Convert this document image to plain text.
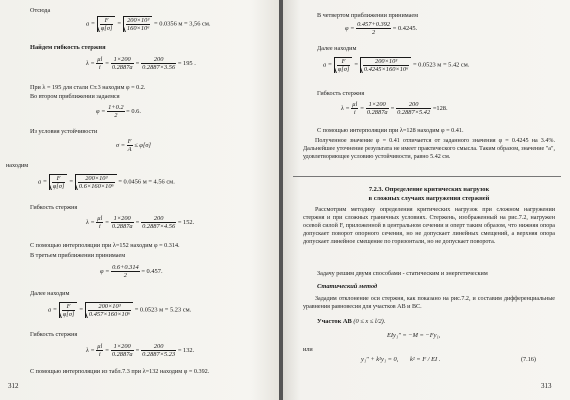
Отсюда
$a = \frac{F}{\varphi[\sigma]} = \frac{\text{200×10³}}{\text{160×10⁶}} = 0.0356$ м = 3,56 см.
Найдем гибкость стержня
$\lambda = \frac{\mu l}{i} = \frac{1\times 200}{0.2887a} = \frac{200}{0.2887\times 3.56} = 195$ .
При λ = 195 для стали Ст.3 находим φ = 0.2.
Во втором приближении задаемся
$\varphi = \frac{1+0.2}{2} = 0.6$.
Из условия устойчивости
$\sigma = \frac{F}{A} \le \varphi[\sigma]$
находим
$a = \frac{F}{\varphi[\sigma]} = \frac{\text{200×10³}}{\text{0.6×160×10⁶}} = 0.0456$ м = 4.56 см.
Гибкость стержня
$\lambda = \frac{\mu l}{i} = \frac{1\times 200}{0.2887a} = \frac{200}{0.2887\times 4.56} = 152$.
С помощью интерполяции при λ=152 находим φ = 0.314.
В третьем приближении принимаем
$\varphi = \frac{0.6+0.314}{2} = 0.457$.
Далее находим
$a = \frac{F}{\varphi[\sigma]} = \frac{\text{200×10³}}{\text{0.457×160×10⁶}} = 0.0523$ м = 5.23 см.
Гибкость стержня
$\lambda = \frac{\mu l}{i} = \frac{1\times 200}{0.2887a} = \frac{200}{0.2887\times 5.23} = 132$.
С помощью интерполяции из табл.7.3 при λ=132 находим φ = 0.392.
312
В четвертом приближении принимаем
$\varphi = \frac{0.457+0.392}{2} = 0.4245$.
Далее находим
$a = \frac{F}{\varphi[\sigma]} = \frac{\text{200×10³}}{\text{0.4245×160×10⁶}} = 0.0523$ м = 5.42 см.
Гибкость стержня
$\lambda = \frac{\mu l}{i} = \frac{1\times 200}{0.2887a} = \frac{200}{0.2887\times 5.42} =128$.
С помощью интерполяции при λ=128 находим φ = 0.41.
Полученное значение φ = 0.41 отличается от заданного значения φ = 0.4245 на 3.4%. Дальнейшее уточнение результата не имеет практического смысла. Таким образом, значение "a", удовлетворяющее условию устойчивости, равно 5.42 см.
7.2.3. Определение критических нагрузок
в сложных случаях нагружения стержней
Рассмотрим методику определения критических нагрузок при сложном нагружении стержня и при сложных граничных условиях. Стержень, изображенный на рис.7.2, нагружен осевой силой F, приложенной в центральном сечении и оперт таким образом, что нижняя опора допускает поворот опорного сечения, но не допускает линейных смещений, а верхняя опора допускает линейное смещение по горизонтали, но не допускает поворота.
Задачу решим двумя способами - статическим и энергетическим
Статический метод
Зададим отклонение оси стержня, как показано на рис.7.2, и составим дифференциальные уравнения равновесия для участков AB и BC.
Участок AB (0 ≤ x ≤ l/2).
EIy₁″ = −M = −Fy₁,
или
y₁″ + k²y₁ = 0, k² = F / EI .	(7.16)
313
